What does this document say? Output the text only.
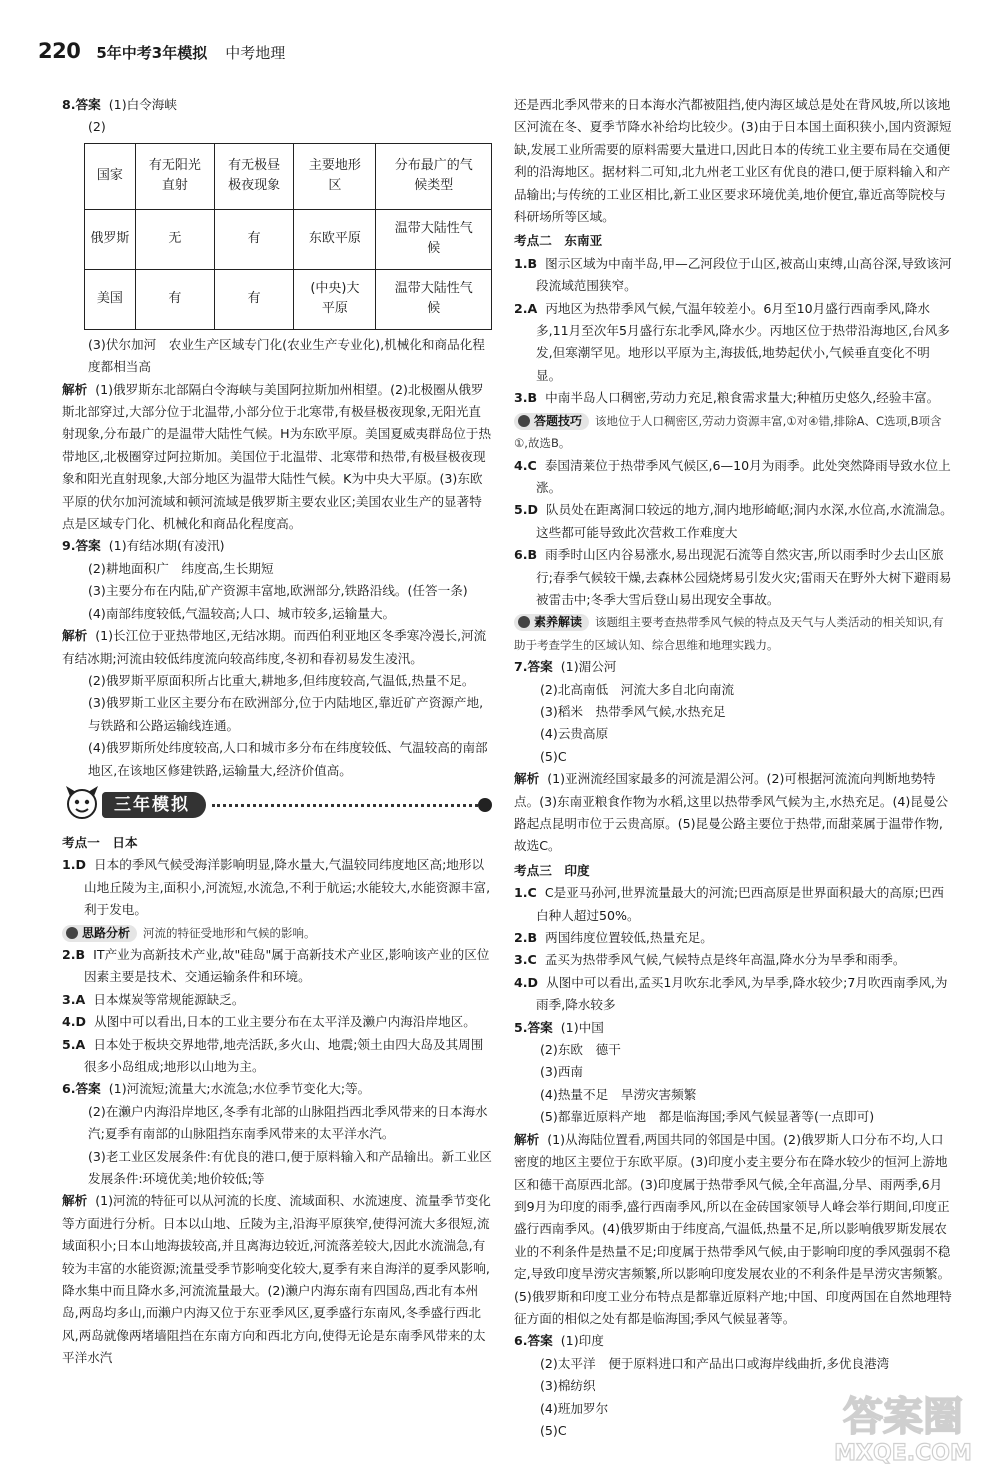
220 5年中考3年模拟 中考地理

8.答案 (1)白令海峡

(2)

国家	有无阳光直射	有无极昼极夜现象	主要地形区	分布最广的气候类型
俄罗斯	无	有	东欧平原	温带大陆性气候
美国	有	有	(中央)大平原	温带大陆性气候

(3)伏尔加河　农业生产区域专门化(农业生产专业化),机械化和商品化程度都相当高

解析 (1)俄罗斯东北部隔白令海峡与美国阿拉斯加州相望。(2)北极圈从俄罗斯北部穿过,大部分位于北温带,小部分位于北寒带,有极昼极夜现象,无阳光直射现象,分布最广的是温带大陆性气候。H为东欧平原。美国夏威夷群岛位于热带地区,北极圈穿过阿拉斯加。美国位于北温带、北寒带和热带,有极昼极夜现象和阳光直射现象,大部分地区为温带大陆性气候。K为中央大平原。(3)东欧平原的伏尔加河流域和顿河流域是俄罗斯主要农业区;美国农业生产的显著特点是区域专门化、机械化和商品化程度高。

9.答案 (1)有结冰期(有凌汛)

(2)耕地面积广　纬度高,生长期短

(3)主要分布在内陆,矿产资源丰富地,欧洲部分,铁路沿线。(任答一条)

(4)南部纬度较低,气温较高;人口、城市较多,运输量大。

解析 (1)长江位于亚热带地区,无结冰期。而西伯利亚地区冬季寒冷漫长,河流有结冰期;河流由较低纬度流向较高纬度,冬初和春初易发生凌汛。

(2)俄罗斯平原面积所占比重大,耕地多,但纬度较高,气温低,热量不足。

(3)俄罗斯工业区主要分布在欧洲部分,位于内陆地区,靠近矿产资源产地,与铁路和公路运输线连通。

(4)俄罗斯所处纬度较高,人口和城市多分布在纬度较低、气温较高的南部地区,在该地区修建铁路,运输量大,经济价值高。

三年模拟

考点一　日本

1.D 日本的季风气候受海洋影响明显,降水量大,气温较同纬度地区高;地形以山地丘陵为主,面积小,河流短,水流急,不利于航运;水能较大,水能资源丰富,利于发电。

思路分析 河流的特征受地形和气候的影响。

2.B IT产业为高新技术产业,故"硅岛"属于高新技术产业区,影响该产业的区位因素主要是技术、交通运输条件和环境。

3.A 日本煤炭等常规能源缺乏。

4.D 从图中可以看出,日本的工业主要分布在太平洋及濑户内海沿岸地区。

5.A 日本处于板块交界地带,地壳活跃,多火山、地震;领土由四大岛及其周围很多小岛组成;地形以山地为主。

6.答案 (1)河流短;流量大;水流急;水位季节变化大;等。

(2)在濑户内海沿岸地区,冬季有北部的山脉阻挡西北季风带来的日本海水汽;夏季有南部的山脉阻挡东南季风带来的太平洋水汽。

(3)老工业区发展条件:有优良的港口,便于原料输入和产品输出。新工业区发展条件:环境优美;地价较低;等

解析 (1)河流的特征可以从河流的长度、流域面积、水流速度、流量季节变化等方面进行分析。日本以山地、丘陵为主,沿海平原狭窄,使得河流大多很短,流域面积小;日本山地海拔较高,并且离海边较近,河流落差较大,因此水流湍急,有较为丰富的水能资源;流量受季节影响变化较大,夏季有来自海洋的夏季风影响,降水集中而且降水多,河流流量最大。(2)濑户内海东南有四国岛,西北有本州岛,两岛均多山,而濑户内海又位于东亚季风区,夏季盛行东南风,冬季盛行西北风,两岛就像两堵墙阻挡在东南方向和西北方向,使得无论是东南季风带来的太平洋水汽

还是西北季风带来的日本海水汽都被阻挡,使内海区域总是处在背风坡,所以该地区河流在冬、夏季节降水补给均比较少。(3)由于日本国土面积狭小,国内资源短缺,发展工业所需要的原料需要大量进口,因此日本的传统工业主要布局在交通便利的沿海地区。据材料二可知,北九州老工业区有优良的港口,便于原料输入和产品输出;与传统的工业区相比,新工业区要求环境优美,地价便宜,靠近高等院校与科研场所等区域。

考点二　东南亚

1.B 图示区域为中南半岛,甲—乙河段位于山区,被高山束缚,山高谷深,导致该河段流域范围狭窄。

2.A 丙地区为热带季风气候,气温年较差小。6月至10月盛行西南季风,降水多,11月至次年5月盛行东北季风,降水少。丙地区位于热带沿海地区,台风多发,但寒潮罕见。地形以平原为主,海拔低,地势起伏小,气候垂直变化不明显。

3.B 中南半岛人口稠密,劳动力充足,粮食需求量大;种植历史悠久,经验丰富。

答题技巧 该地位于人口稠密区,劳动力资源丰富,①对④错,排除A、C选项,B项含①,故选B。

4.C 泰国清莱位于热带季风气候区,6—10月为雨季。此处突然降雨导致水位上涨。

5.D 队员处在距离洞口较远的地方,洞内地形崎岖;洞内水深,水位高,水流湍急。这些都可能导致此次营救工作难度大

6.B 雨季时山区内谷易涨水,易出现泥石流等自然灾害,所以雨季时少去山区旅行;春季气候较干燥,去森林公园烧烤易引发火灾;雷雨天在野外大树下避雨易被雷击中;冬季大雪后登山易出现安全事故。

素养解读 该题组主要考查热带季风气候的特点及天气与人类活动的相关知识,有助于考查学生的区域认知、综合思维和地理实践力。

7.答案 (1)湄公河

(2)北高南低　河流大多自北向南流

(3)稻米　热带季风气候,水热充足

(4)云贵高原

(5)C

解析 (1)亚洲流经国家最多的河流是湄公河。(2)可根据河流流向判断地势特点。(3)东南亚粮食作物为水稻,这里以热带季风气候为主,水热充足。(4)昆曼公路起点昆明市位于云贵高原。(5)昆曼公路主要位于热带,而甜菜属于温带作物,故选C。

考点三　印度

1.C C是亚马孙河,世界流量最大的河流;巴西高原是世界面积最大的高原;巴西白种人超过50%。

2.B 两国纬度位置较低,热量充足。

3.C 孟买为热带季风气候,气候特点是终年高温,降水分为旱季和雨季。

4.D 从图中可以看出,孟买1月吹东北季风,为旱季,降水较少;7月吹西南季风,为雨季,降水较多

5.答案 (1)中国

(2)东欧　德干

(3)西南

(4)热量不足　旱涝灾害频繁

(5)都靠近原料产地　都是临海国;季风气候显著等(一点即可)

解析 (1)从海陆位置看,两国共同的邻国是中国。(2)俄罗斯人口分布不均,人口密度的地区主要位于东欧平原。(3)印度小麦主要分布在降水较少的恒河上游地区和德干高原西北部。(3)印度属于热带季风气候,全年高温,分旱、雨两季,6月到9月为印度的雨季,盛行西南季风,所以在金砖国家领导人峰会举行期间,印度正盛行西南季风。(4)俄罗斯由于纬度高,气温低,热量不足,所以影响俄罗斯发展农业的不利条件是热量不足;印度属于热带季风气候,由于影响印度的季风强弱不稳定,导致印度旱涝灾害频繁,所以影响印度发展农业的不利条件是旱涝灾害频繁。(5)俄罗斯和印度工业分布特点是都靠近原料产地;中国、印度两国在自然地理特征方面的相似之处有都是临海国;季风气候显著等。

6.答案 (1)印度

(2)太平洋　便于原料进口和产品出口或海岸线曲折,多优良港湾

(3)棉纺织

(4)班加罗尔

(5)C	答案圈
MXQE.COM
